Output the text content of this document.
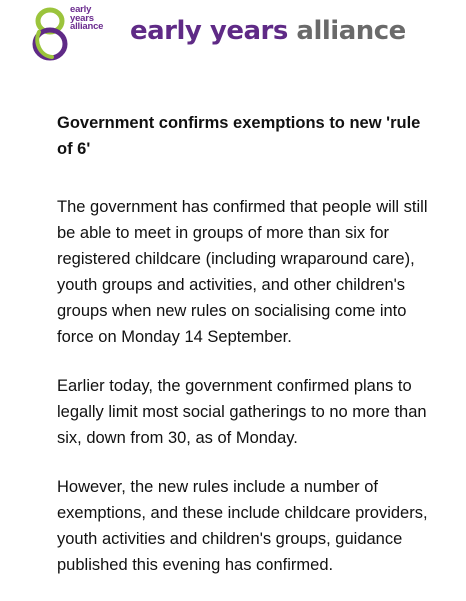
early
years
alliance early years alliance
Government confirms exemptions to new 'rule of 6'

The government has confirmed that people will still be able to meet in groups of more than six for registered childcare (including wraparound care), youth groups and activities, and other children's groups when new rules on socialising come into force on Monday 14 September.

Earlier today, the government confirmed plans to legally limit most social gatherings to no more than six, down from 30, as of Monday.

However, the new rules include a number of exemptions, and these include childcare providers, youth activities and children's groups, guidance published this evening has confirmed.
